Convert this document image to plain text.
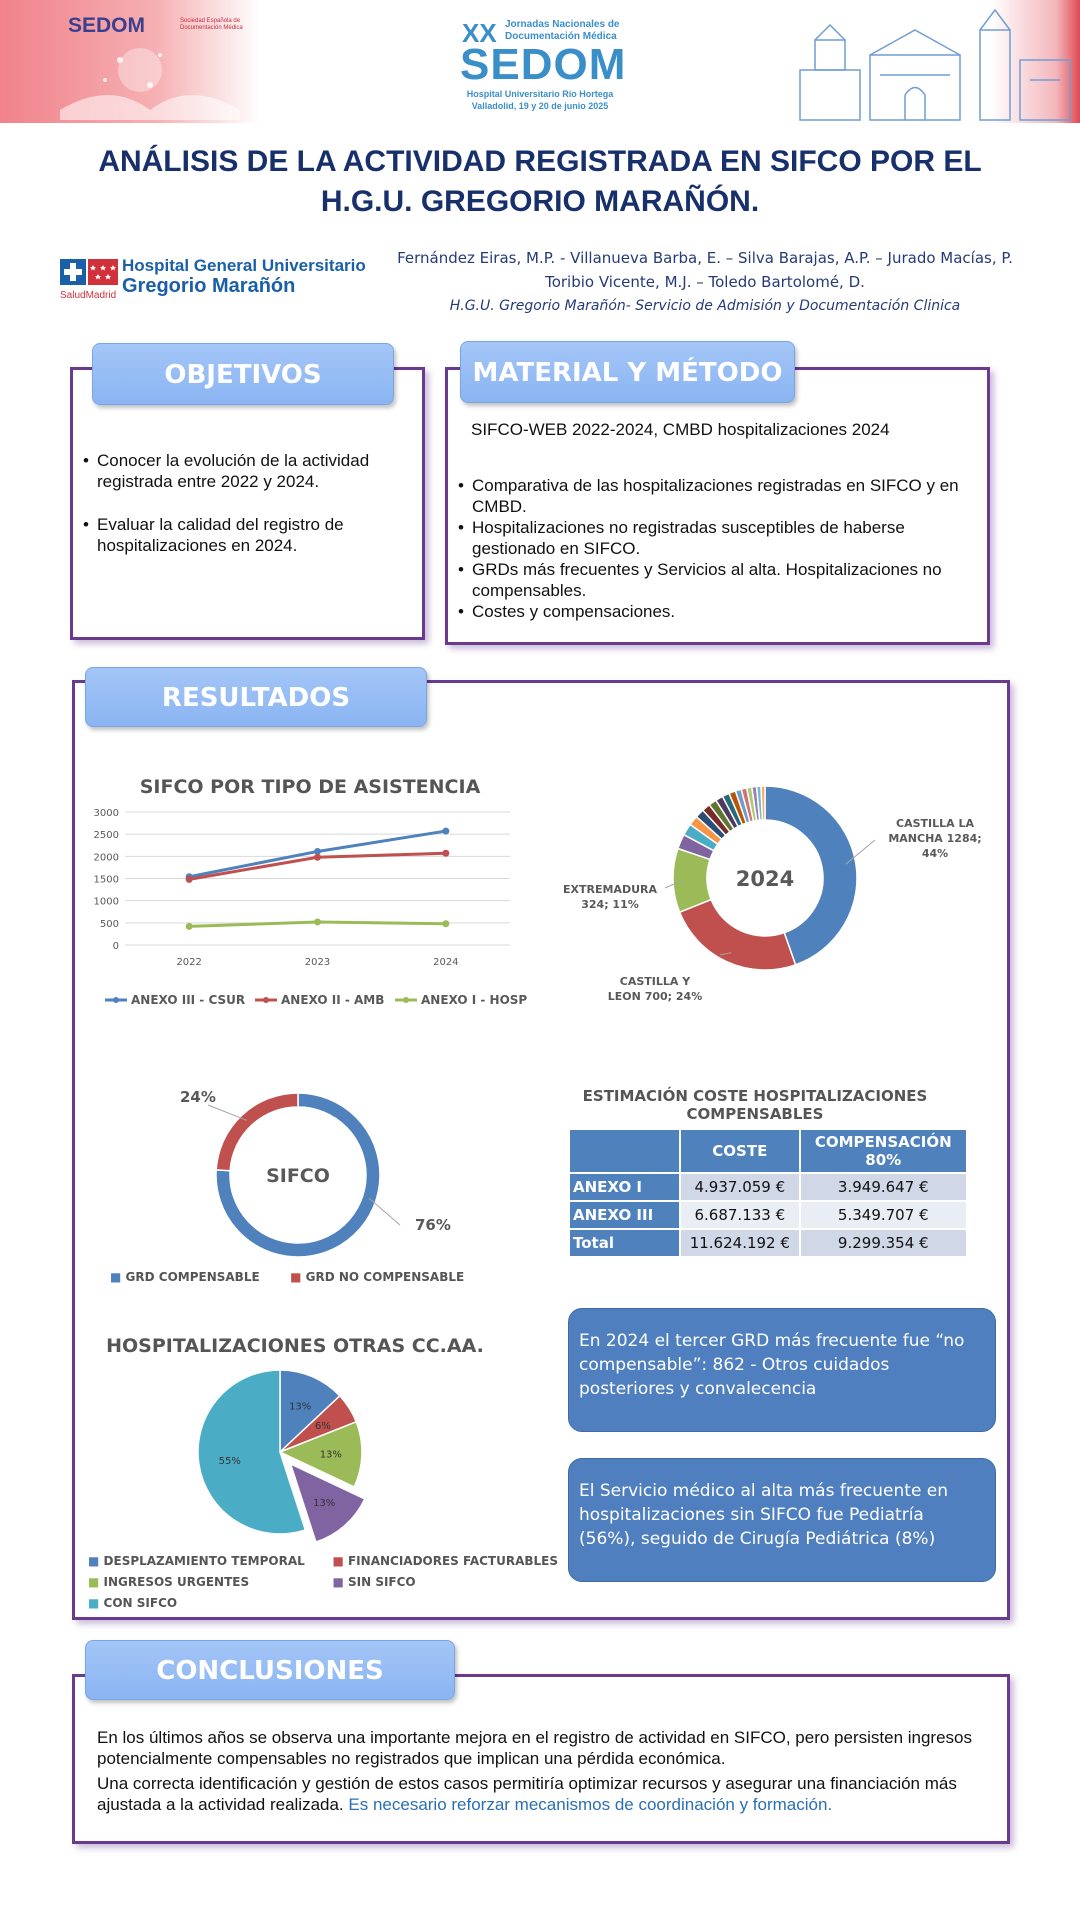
SEDOM	Sociedad Española de Documentación Médica	XX Jornadas Nacionales de Documentación Médica
SEDOM
Hospital Universitario Río Hortega
Valladolid, 19 y 20 de junio 2025
ANÁLISIS DE LA ACTIVIDAD REGISTRADA EN SIFCO POR EL
H.G.U. GREGORIO MARAÑÓN.
SaludMadrid
Hospital General Universitario
Gregorio Marañón
Fernández Eiras, M.P. - Villanueva Barba, E. – Silva Barajas, A.P. – Jurado Macías, P.
Toribio Vicente, M.J. – Toledo Bartolomé, D.
H.G.U. Gregorio Marañón- Servicio de Admisión y Documentación Clinica
• Conocer la evolución de la actividad registrada entre 2022 y 2024.
• Evaluar la calidad del registro de hospitalizaciones en 2024.
OBJETIVOS
SIFCO-WEB 2022-2024, CMBD hospitalizaciones 2024
• Comparativa de las hospitalizaciones registradas en SIFCO y en CMBD.
• Hospitalizaciones no registradas susceptibles de haberse gestionado en SIFCO.
• GRDs más frecuentes y Servicios al alta. Hospitalizaciones no compensables.
• Costes y compensaciones.
MATERIAL Y MÉTODO
RESULTADOS
SIFCO POR TIPO DE ASISTENCIA
0
500
1000
1500
2000
2500
3000
2022	2023	2024
ANEXO III - CSUR	ANEXO II - AMB	ANEXO I - HOSP
2024
CASTILLA LA MANCHA 1284; 44%
CASTILLA Y LEON 700; 24%
EXTREMADURA 324; 11%
SIFCO
76%
24%
■ GRD COMPENSABLE	■ GRD NO COMPENSABLE
ESTIMACIÓN COSTE HOSPITALIZACIONES COMPENSABLES
	COSTE	COMPENSACIÓN 80%
ANEXO I	4.937.059 €	3.949.647 €
ANEXO III	6.687.133 €	5.349.707 €
Total	11.624.192 €	9.299.354 €
HOSPITALIZACIONES OTRAS CC.AA.
13%
6%
13%
13%
55%
■ DESPLAZAMIENTO TEMPORAL ■ FINANCIADORES FACTURABLES
■ INGRESOS URGENTES	■ SIN SIFCO
■ CON SIFCO
En 2024 el tercer GRD más frecuente fue “no compensable”: 862 - Otros cuidados posteriores y convalecencia
El Servicio médico al alta más frecuente en hospitalizaciones sin SIFCO fue Pediatría (56%), seguido de Cirugía Pediátrica (8%)
En los últimos años se observa una importante mejora en el registro de actividad en SIFCO, pero persisten ingresos potencialmente compensables no registrados que implican una pérdida económica.
Una correcta identificación y gestión de estos casos permitiría optimizar recursos y asegurar una financiación más ajustada a la actividad realizada. Es necesario reforzar mecanismos de coordinación y formación.
CONCLUSIONES
